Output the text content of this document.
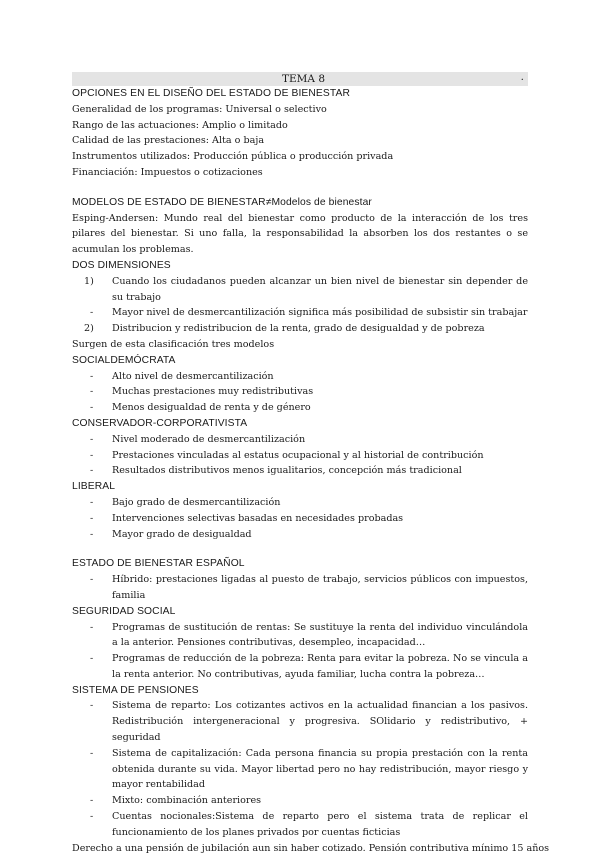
TEMA 8	.
OPCIONES EN EL DISEÑO DEL ESTADO DE BIENESTAR
Generalidad de los programas: Universal o selectivo
Rango de las actuaciones: Amplio o limitado
Calidad de las prestaciones: Alta o baja
Instrumentos utilizados: Producción pública o producción privada
Financiación: Impuestos o cotizaciones
MODELOS DE ESTADO DE BIENESTAR≠Modelos de bienestar
Esping-Andersen: Mundo real del bienestar como producto de la interacción de los tres pilares del bienestar. Si uno falla, la responsabilidad la absorben los dos restantes o se acumulan los problemas.
DOS DIMENSIONES
1) Cuando los ciudadanos pueden alcanzar un bien nivel de bienestar sin depender de su trabajo
- Mayor nivel de desmercantilización significa más posibilidad de subsistir sin trabajar
2) Distribucion y redistribucion de la renta, grado de desigualdad y de pobreza
Surgen de esta clasificación tres modelos
SOCIALDEMÓCRATA
- Alto nivel de desmercantilización
- Muchas prestaciones muy redistributivas
- Menos desigualdad de renta y de género
CONSERVADOR-CORPORATIVISTA
- Nivel moderado de desmercantilización
- Prestaciones vinculadas al estatus ocupacional y al historial de contribución
- Resultados distributivos menos igualitarios, concepción más tradicional
LIBERAL
- Bajo grado de desmercantilización
- Intervenciones selectivas basadas en necesidades probadas
- Mayor grado de desigualdad
ESTADO DE BIENESTAR ESPAÑOL
- Híbrido: prestaciones ligadas al puesto de trabajo, servicios públicos con impuestos, familia
SEGURIDAD SOCIAL
- Programas de sustitución de rentas: Se sustituye la renta del individuo vinculándola a la anterior. Pensiones contributivas, desempleo, incapacidad…
- Programas de reducción de la pobreza: Renta para evitar la pobreza. No se vincula a la renta anterior. No contributivas, ayuda familiar, lucha contra la pobreza…
SISTEMA DE PENSIONES
- Sistema de reparto: Los cotizantes activos en la actualidad financian a los pasivos. Redistribución intergeneracional y progresiva. SOlidario y redistributivo, + seguridad
- Sistema de capitalización: Cada persona financia su propia prestación con la renta obtenida durante su vida. Mayor libertad pero no hay redistribución, mayor riesgo y mayor rentabilidad
- Mixto: combinación anteriores
- Cuentas nocionales:Sistema de reparto pero el sistema trata de replicar el funcionamiento de los planes privados por cuentas ficticias
Derecho a una pensión de jubilación aun sin haber cotizado. Pensión contributiva mínimo 15 años
